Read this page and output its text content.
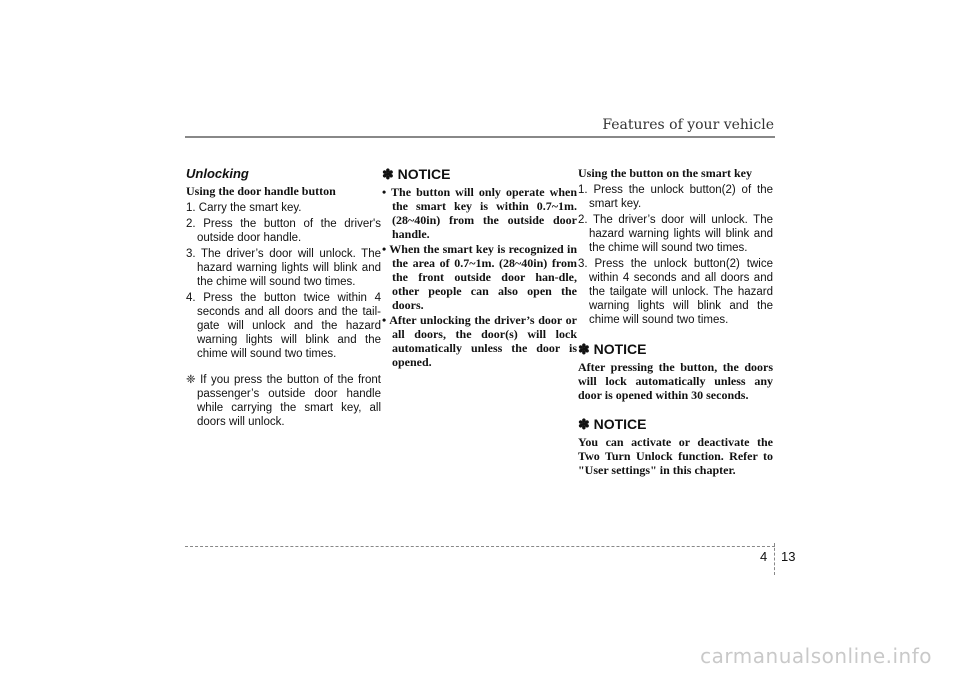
Features of your vehicle
Unlocking
Using the door handle button
1. Carry the smart key.
2. Press the button of the driver's outside door handle.
3. The driver’s door will unlock. The hazard warning lights will blink and the chime will sound two times.
4. Press the button twice within 4 seconds and all doors and the tail-gate will unlock and the hazard warning lights will blink and the chime will sound two times.
❈ If you press the button of the front passenger’s outside door handle while carrying the smart key, all doors will unlock.
✽ NOTICE
• The button will only operate when the smart key is within 0.7~1m. (28~40in) from the outside door handle.
• When the smart key is recognized in the area of 0.7~1m. (28~40in) from the front outside door han-dle, other people can also open the doors.
• After unlocking the driver’s door or all doors, the door(s) will lock automatically unless the door is opened.
Using the button on the smart key
1. Press the unlock button(2) of the smart key.
2. The driver’s door will unlock. The hazard warning lights will blink and the chime will sound two times.
3. Press the unlock button(2) twice within 4 seconds and all doors and the tailgate will unlock. The hazard warning lights will blink and the chime will sound two times.
✽ NOTICE

After pressing the button, the doors will lock automatically unless any door is opened within 30 seconds.

✽ NOTICE

You can activate or deactivate the Two Turn Unlock function. Refer to "User settings" in this chapter.

4 13
carmanualsonline.info
